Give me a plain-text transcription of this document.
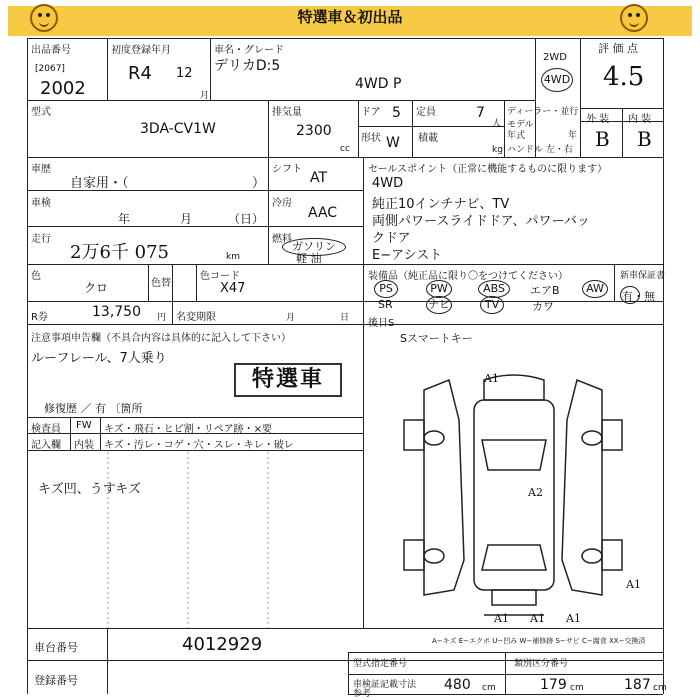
特選車＆初出品
出品番号
[2067]
2002
初度登録年月
R4 12
月
車名・グレード
デリカD:5
4WD P
2WD
4WD
評 価 点
4.5
外 装 内 装
B B
型式
3DA-CV1W
排気量
2300
cc
ドア 5 定員	7
人
形状 W 積載
kg
ディーラー・並行
モデル
年式	年
ハンドル 左・右
車歴
自家用・（	）
シフト
AT
車検
年	月	（日）
冷房
AAC
走行
2万6千 075	km
燃料
ガソリン
軽 油
色
クロ	色替
色コード
X47
R券	13,750 円 名変期限	月	日
注意事項申告欄（不具合内容は具体的に記入して下さい）
ルーフレール、7人乗り
特選車
修復歴 ／ 有 〔箇所
検査員
記入欄
FW キズ・飛石・ヒビ割・リペア跡・×要
内装 キズ・汚レ・コゲ・穴・スレ・キレ・破レ
キズ凹、うすキズ
セールスポイント（正常に機能するものに限ります）
4WD
純正10インチナビ、TV
両側パワースライドドア、パワーバッ
クドア
E−アシスト
装備品（純正品に限り〇をつけてください）
PS	PW	ABS	エアB	AW
SR	ナビ	TV	カワ
新車保証書
有・無
後日S
Sスマートキー
A1
A2
A1
A1 A1 A1
A−キズ E−エクボ U−凹み W−補修跡 S−サビ C−腐食 XX−交換済
車台番号	4012929
登録番号
型式指定番号	類別区分番号
車検証記載寸法
参考
480 cm	179 cm	187 cm
